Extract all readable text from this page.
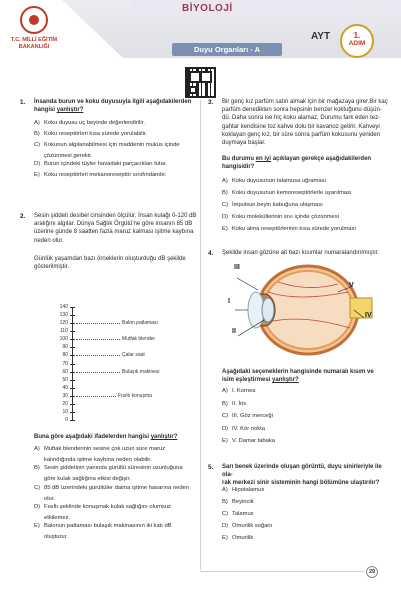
T.C. MİLLİ EĞİTİM
BAKANLIĞI
BİYOLOJİ
Duyu Organları - A
AYT	1.
ADIM
1. İnsanda burun ve koku duyusuyla ilgili aşağıdakilerden
hangisi yanlıştır?
A) Koku duyusu uç beyinde değerlendirilir.
B) Koku reseptörleri kısa sürede yorulabilir.
C) Kokunun algılanabilmesi için maddenin mukus içinde
çözünmesi gerekir.
D) Burun içindeki tüyler havadaki parçacıkları tutar.
E) Koku reseptörleri mekanoreseptör sınıfındandır.
2. Sesin şiddeti desibel cinsinden ölçülür. İnsan kulağı 0-120 dB
aralığını algılar. Dünya Sağlık Örgütü'ne göre insanın 85 dB
üzerine günde 8 saatten fazla maruz kalması işitme kaybına
neden olur.
Günlük yaşamdan bazı örneklerin oluşturduğu dB şekilde
gösterilmiştir.
140
130
120
110
100
90
80
70
60
50
40
30
20
10
0
Balon patlaması
Mutfak blender
Çalar saat
Bulaşık makinesi
Fısıltı konuşma
Buna göre aşağıdaki ifadelerden hangisi yanlıştır?
A) Muftak blenderinin sesine çok uzun süre maruz
kalındığında işitme kaybına neden olabilir.
B) Sesin şiddetinin yanında gürültü süresinin uzunluğuna
göre kulak sağlığına etkisi değişir.
C) 85 dB üzerindeki gürültüler daima işitme hasarına neden
olur.
D) Fısıltı şeklinde konuşmak kulak sağlığını olumsuz
etkilemez.
E) Balonun patlaması bulaşık makinasının iki katı dB
oluşturur.
3. Bir genç kız parfüm satın almak için bir mağazaya girer.Bir kaç
parfüm denedikten sonra hepsinin benzer koktuğunu düşün-
dü. Daha sonra ise hiç koku alamaz. Durumu fark eden tez-
gahtar kendisine toz kahve dolu bir kavanoz getirir. Kahveyi
koklayan genç kız, bir süre sonra parfüm kokusunu yeniden
duymaya başlar.
Bu durumu en iyi açıklayan gerekçe aşağıdakilerden
hangisidir?
A) Koku duyusunun talamusa uğraması
B) Koku duyusunun kemoreseptörlerle uyarılması
C) İmpulsun beyin kabuğuna ulaşması
D) Koku moleküllerinin sıvı içinde çözünmesi
E) Koku alma reseptörlerinin kısa sürede yorulması
4. Şekilde insan gözüne ait bazı kısımlar numaralandırılmıştır.
III
I
II
V
IV
Aşağıdaki seçeneklerin hangisinde numaralı kısım ve
isim eşleştirmesi yanlıştır?
A) I. Kornea
B) II. İris
C) III. Göz merceği
D) IV. Kör nokta
E) V. Damar tabaka
5. Sarı benek üzerinde oluşan görüntü, duyu sinirleriyle ile ola-
rak merkezi sinir sisteminin hangi bölümüne ulaştırılır?
A) Hipotalamus
B) Beyincik
C) Talamus
D) Omurilik soğanı
E) Omurilik
29
